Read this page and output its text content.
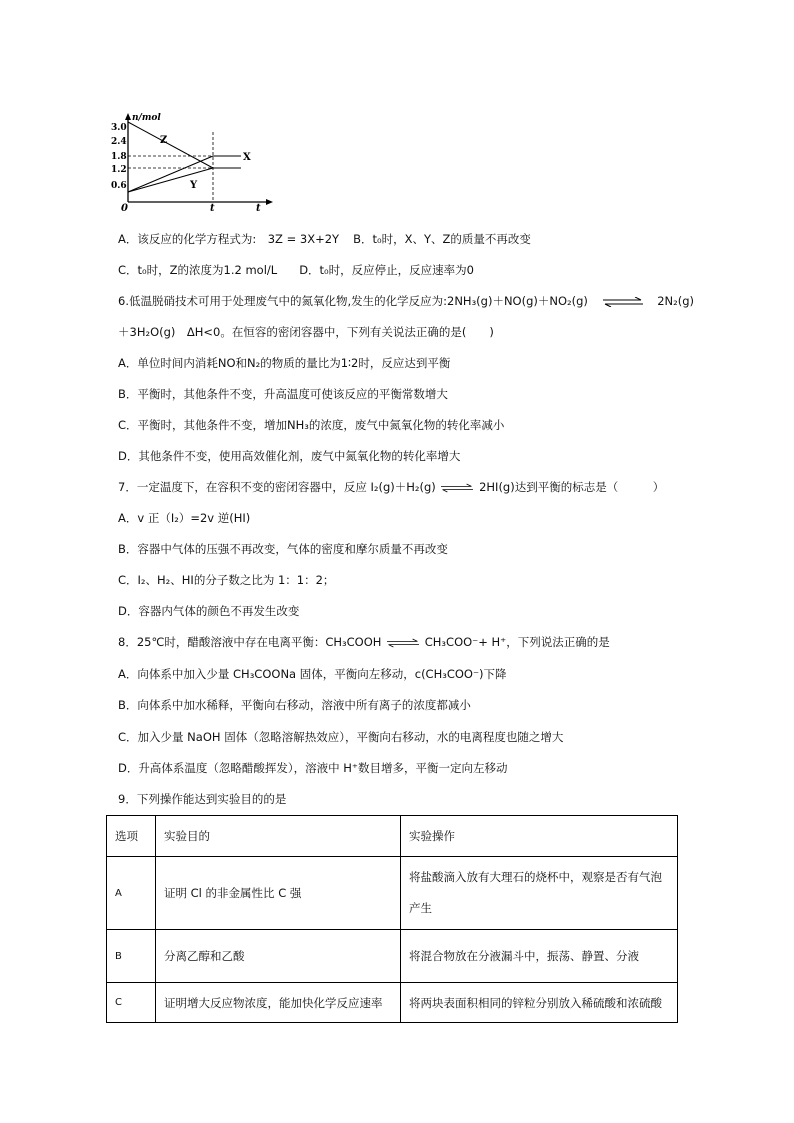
n/mol
3.0
2.4
1.8
1.2
0.6
Z
X
Y
0	t	t
A．该反应的化学方程式为:　3Z = 3X+2Y B．t₀时，X、Y、Z的质量不再改变
C．t₀时，Z的浓度为1.2 mol/L D．t₀时，反应停止，反应速率为0
6.低温脱硝技术可用于处理废气中的氮氧化物,发生的化学反应为:2NH₃(g)＋NO(g)＋NO₂(g)	2N₂(g)
＋3H₂O(g)　ΔH<0。在恒容的密闭容器中，下列有关说法正确的是(　　)
A．单位时间内消耗NO和N₂的物质的量比为1∶2时，反应达到平衡
B．平衡时，其他条件不变，升高温度可使该反应的平衡常数增大
C．平衡时，其他条件不变，增加NH₃的浓度，废气中氮氧化物的转化率减小
D．其他条件不变，使用高效催化剂，废气中氮氧化物的转化率增大
7．一定温度下，在容积不变的密闭容器中，反应 I₂(g)＋H₂(g) ⇌ 2HI(g)达到平衡的标志是（　　　）
A．v 正（I₂）=2v 逆(HI)
B．容器中气体的压强不再改变，气体的密度和摩尔质量不再改变
C．I₂、H₂、HI的分子数之比为 1：1：2；
D．容器内气体的颜色不再发生改变
8．25℃时，醋酸溶液中存在电离平衡：CH₃COOH ⇌ CH₃COO⁻+ H⁺，下列说法正确的是
A．向体系中加入少量 CH₃COONa 固体，平衡向左移动，c(CH₃COO⁻)下降
B．向体系中加水稀释，平衡向右移动，溶液中所有离子的浓度都减小
C．加入少量 NaOH 固体（忽略溶解热效应），平衡向右移动，水的电离程度也随之增大
D．升高体系温度（忽略醋酸挥发），溶液中 H⁺数目增多，平衡一定向左移动
9．下列操作能达到实验目的的是
选项	实验目的	实验操作
A	证明 Cl 的非金属性比 C 强	将盐酸滴入放有大理石的烧杯中，观察是否有气泡
产生

B	分离乙醇和乙酸	将混合物放在分液漏斗中，振荡、静置、分液
C	证明增大反应物浓度，能加快化学反应速率	将两块表面积相同的锌粒分别放入稀硫酸和浓硫酸
